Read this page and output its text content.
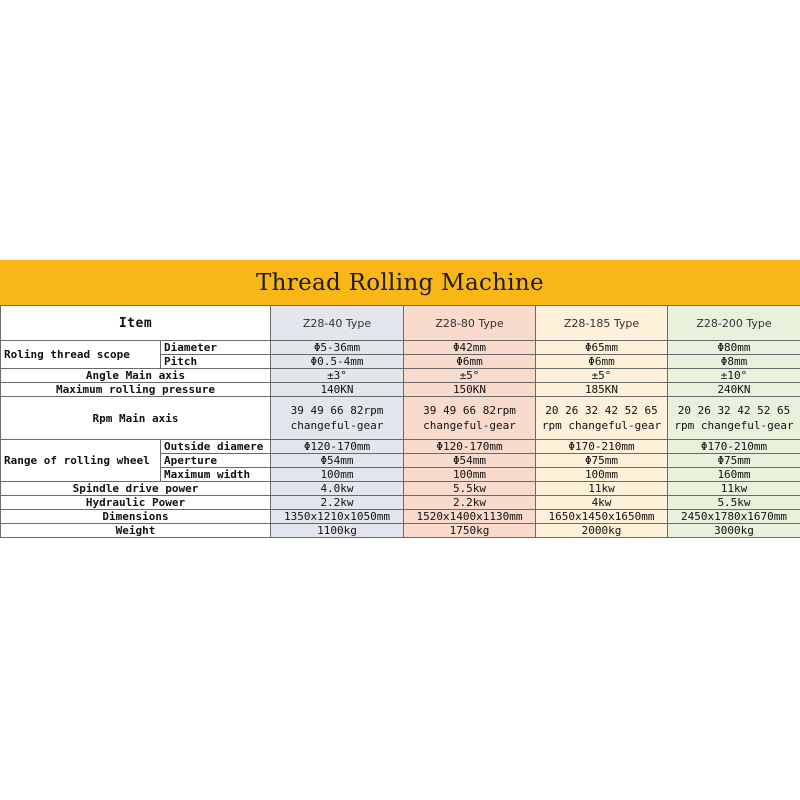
Thread Rolling Machine
Item		Z28-40 Type	Z28-80 Type	Z28-185 Type	Z28-200 Type
Roling thread scope	Diameter	Φ5-36mm	Φ42mm	Φ65mm	Φ80mm
	Pitch	Φ0.5-4mm	Φ6mm	Φ6mm	Φ8mm
Angle Main axis		±3°	±5°	±5°	±10°
Maximum rolling pressure		140KN	150KN	185KN	240KN
Rpm Main axis		39 49 66 82rpm changeful-gear	39 49 66 82rpm changeful-gear	20 26 32 42 52 65 rpm changeful-gear	20 26 32 42 52 65 rpm changeful-gear
Range of rolling wheel	Outside diamere	Φ120-170mm	Φ120-170mm	Φ170-210mm	Φ170-210mm
	Aperture	Φ54mm	Φ54mm	Φ75mm	Φ75mm
	Maximum width	100mm	100mm	100mm	160mm
Spindle drive power		4.0kw	5.5kw	11kw	11kw
Hydraulic Power		2.2kw	2.2kw	4kw	5.5kw
Dimensions		1350x1210x1050mm	1520x1400x1130mm	1650x1450x1650mm	2450x1780x1670mm
Weight		1100kg	1750kg	2000kg	3000kg
